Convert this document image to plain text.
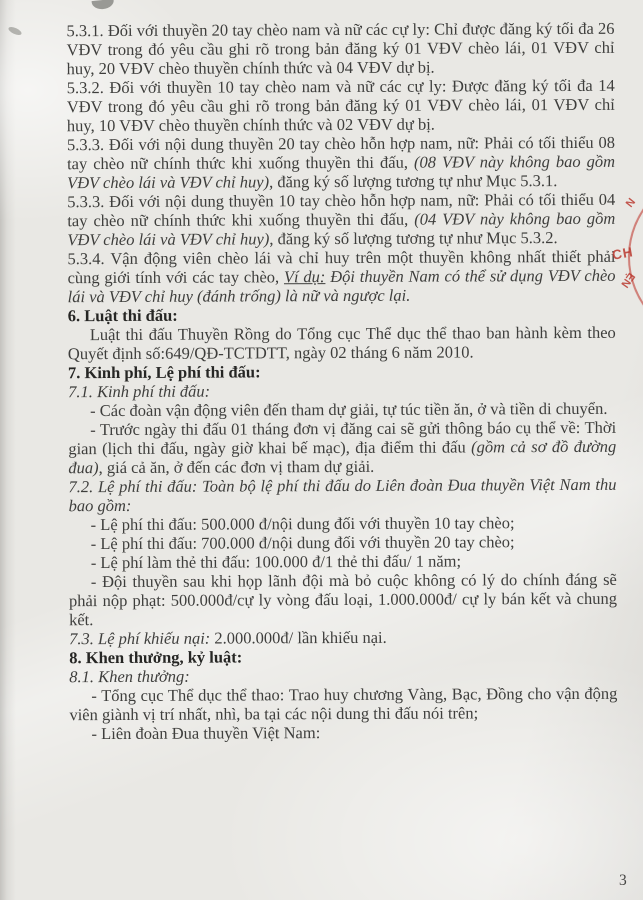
5.3.1. Đối với thuyền 20 tay chèo nam và nữ các cự ly: Chỉ được đăng ký tối đa 26 VĐV trong đó yêu cầu ghi rõ trong bản đăng ký 01 VĐV chèo lái, 01 VĐV chỉ huy, 20 VĐV chèo thuyền chính thức và 04 VĐV dự bị.

5.3.2. Đối với thuyền 10 tay chèo nam và nữ các cự ly: Được đăng ký tối đa 14 VĐV trong đó yêu cầu ghi rõ trong bản đăng ký 01 VĐV chèo lái, 01 VĐV chỉ huy, 10 VĐV chèo thuyền chính thức và 02 VĐV dự bị.

5.3.3. Đối với nội dung thuyền 20 tay chèo hỗn hợp nam, nữ: Phải có tối thiểu 08 tay chèo nữ chính thức khi xuống thuyền thi đấu, (08 VĐV này không bao gồm VĐV chèo lái và VĐV chỉ huy), đăng ký số lượng tương tự như Mục 5.3.1.

5.3.3. Đối với nội dung thuyền 10 tay chèo hỗn hợp nam, nữ: Phải có tối thiểu 04 tay chèo nữ chính thức khi xuống thuyền thi đấu, (04 VĐV này không bao gồm VĐV chèo lái và VĐV chỉ huy), đăng ký số lượng tương tự như Mục 5.3.2.

5.3.4. Vận động viên chèo lái và chỉ huy trên một thuyền không nhất thiết phải cùng giới tính với các tay chèo, Ví dụ: Đội thuyền Nam có thể sử dụng VĐV chèo lái và VĐV chỉ huy (đánh trống) là nữ và ngược lại.

6. Luật thi đấu:

Luật thi đấu Thuyền Rồng do Tổng cục Thể dục thể thao ban hành kèm theo Quyết định số:649/QĐ-TCTDTT, ngày 02 tháng 6 năm 2010.

7. Kinh phí, Lệ phí thi đấu:

7.1. Kinh phí thi đấu:

- Các đoàn vận động viên đến tham dự giải, tự túc tiền ăn, ở và tiền di chuyển.

- Trước ngày thi đấu 01 tháng đơn vị đăng cai sẽ gửi thông báo cụ thể về: Thời gian (lịch thi đấu, ngày giờ khai bế mạc), địa điểm thi đấu (gồm cả sơ đồ đường đua), giá cả ăn, ở đến các đơn vị tham dự giải.

7.2. Lệ phí thi đấu: Toàn bộ lệ phí thi đấu do Liên đoàn Đua thuyền Việt Nam thu bao gồm:

- Lệ phí thi đấu: 500.000 đ/nội dung đối với thuyền 10 tay chèo;

- Lệ phí thi đấu: 700.000 đ/nội dung đối với thuyền 20 tay chèo;

- Lệ phí làm thẻ thi đấu: 100.000 đ/1 thẻ thi đấu/ 1 năm;

- Đội thuyền sau khi họp lãnh đội mà bỏ cuộc không có lý do chính đáng sẽ phải nộp phạt: 500.000đ/cự ly vòng đấu loại, 1.000.000đ/ cự ly bán kết và chung kết.

7.3. Lệ phí khiếu nại: 2.000.000đ/ lần khiếu nại.

8. Khen thưởng, kỷ luật:

8.1. Khen thưởng:

- Tổng cục Thể dục thể thao: Trao huy chương Vàng, Bạc, Đồng cho vận động viên giành vị trí nhất, nhì, ba tại các nội dung thi đấu nói trên;

- Liên đoàn Đua thuyền Việt Nam:

N
CH
ẸN
3
